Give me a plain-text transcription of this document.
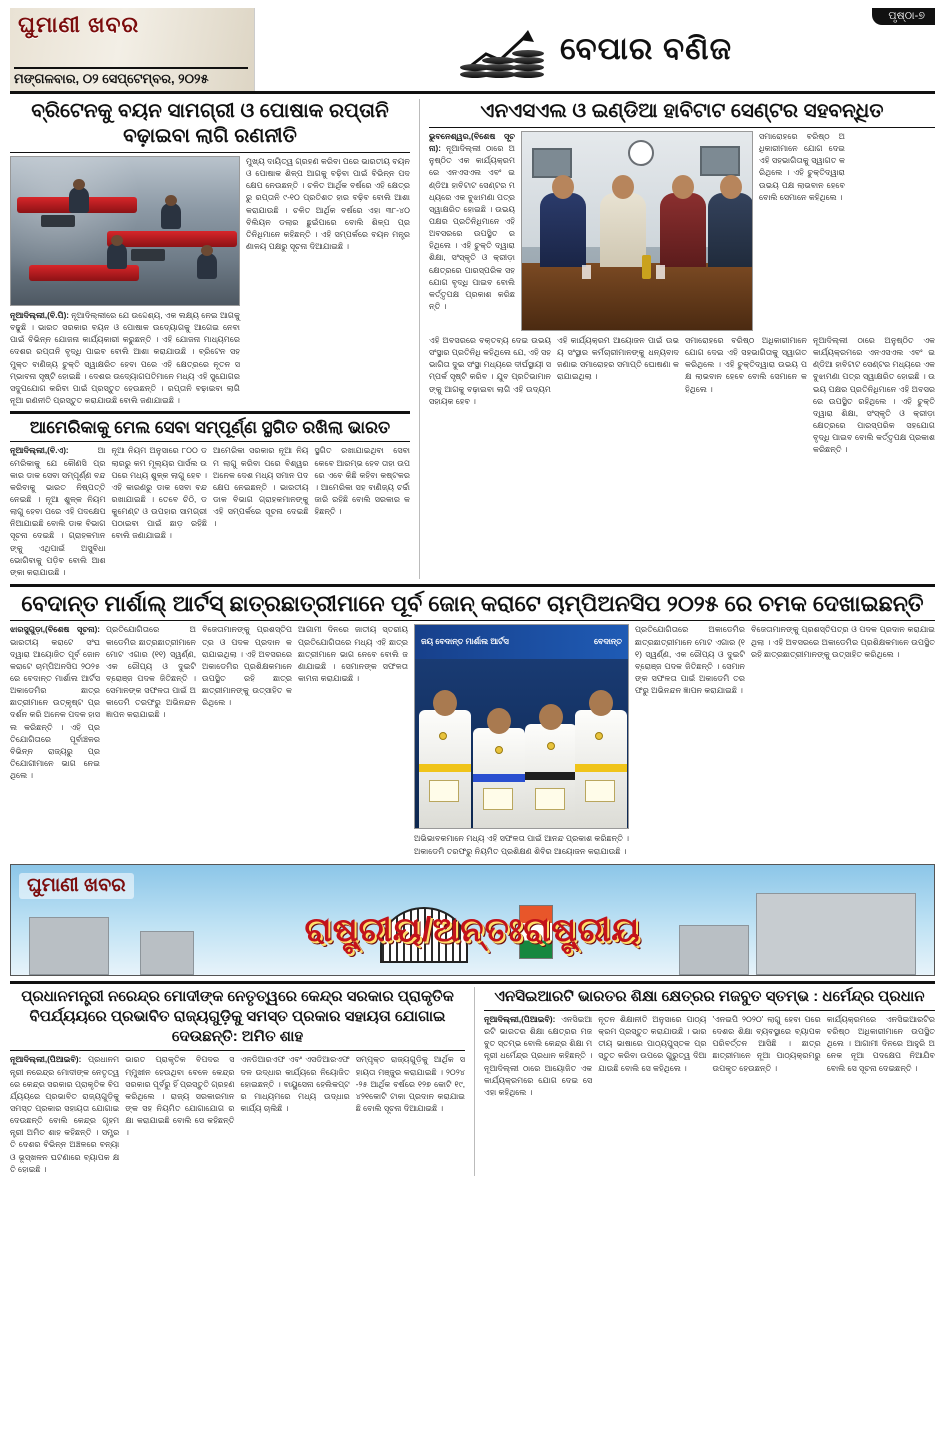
ଘୁମାଣୀ ଖବର
ମଙ୍ଗଳବାର, ୦୨ ସେପ୍ଟେମ୍ବର, ୨୦୨୫
ବେପାର ବଣିଜ
ପୃଷ୍ଠା-୭
ବ୍ରିଟେନକୁ ବୟନ ସାମଗ୍ରୀ ଓ ପୋଷାକ ରପ୍ତାନି ବଢ଼ାଇବା ଲାଗି ରଣନୀତି
ନୂଆଦିଲ୍ଲୀ,(ବି.ପି): ନୂଆଦିଲ୍ଲୀରେ ଯେ ଉଦ୍ଦେଶ୍ୟ, ଏକ ଲକ୍ଷ୍ୟ ନେଇ ଆଗକୁ ବଢୁଛି । ଭାରତ ସରକାର ବୟନ ଓ ପୋଷାକ ଉଦ୍ୟୋଗକୁ ଆଗେଇ ନେବା ପାଇଁ ବିଭିନ୍ନ ଯୋଜନା କାର୍ଯ୍ୟକାରୀ କରୁଛନ୍ତି । ଏହି ଯୋଜନା ମାଧ୍ୟମରେ ଦେଶର ରପ୍ତାନି ବୃଦ୍ଧି ପାଇବ ବୋଲି ଆଶା କରାଯାଉଛି । ବ୍ରିଟେନ ସହ ମୁକ୍ତ ବାଣିଜ୍ୟ ଚୁକ୍ତି ସ୍ୱାକ୍ଷରିତ ହେବା ପରେ ଏହି କ୍ଷେତ୍ରରେ ନୂତନ ସମ୍ଭାବନା ସୃଷ୍ଟି ହୋଇଛି । ଦେଶର ଉଦ୍ୟୋଗପତିମାନେ ମଧ୍ୟ ଏହି ସୁଯୋଗର ସଦୁପଯୋଗ କରିବା ପାଇଁ ପ୍ରସ୍ତୁତ ହେଉଛନ୍ତି । ରପ୍ତାନି ବଢ଼ାଇବା ଲାଗି ନୂଆ ରଣନୀତି ପ୍ରସ୍ତୁତ କରାଯାଉଛି ବୋଲି ଜଣାଯାଇଛି ।
ମୁଖ୍ୟ ଦାୟିତ୍ୱ ଗ୍ରହଣ କରିବା ପରେ ଭାରତୀୟ ବୟନ ଓ ପୋଷାକ ଶିଳ୍ପ ଆଗକୁ ବଢ଼ିବା ପାଇଁ ବିଭିନ୍ନ ପଦକ୍ଷେପ ନେଉଛନ୍ତି । ଚଳିତ ଆର୍ଥିକ ବର୍ଷରେ ଏହି କ୍ଷେତ୍ରରୁ ରପ୍ତାନି ୯-୧୦ ପ୍ରତିଶତ ହାର ବଢ଼ିବ ବୋଲି ଆଶା କରାଯାଉଛି । ଚଳିତ ଆର୍ଥିକ ବର୍ଷରେ ଏହା ୩୮-୪୦ ବିଲିୟନ ଡଲାର ଛୁଇଁପାରେ ବୋଲି ଶିଳ୍ପ ପ୍ରତିନିଧିମାନେ କହିଛନ୍ତି । ଏହି ସମ୍ପର୍କରେ ବୟନ ମନ୍ତ୍ରଣାଳୟ ପକ୍ଷରୁ ସୂଚନା ଦିଆଯାଇଛି ।
ଆମେରିକାକୁ ମେଲ ସେବା ସମ୍ପୂର୍ଣ୍ଣ ସ୍ଥଗିତ ରଖିଲା ଭାରତ
ନୂଆଦିଲ୍ଲୀ,(ବି.ଏ):	ଆମେରିକାକୁ ଯେ କୌଣସି ପ୍ରକାର ଡାକ ସେବା ସମ୍ପୂର୍ଣ୍ଣ ବନ୍ଦ କରିବାକୁ ଭାରତ ନିଷ୍ପତ୍ତି ନେଇଛି । ନୂଆ ଶୁଳ୍କ ନିୟମ ଲାଗୁ ହେବା ପରେ ଏହି ପଦକ୍ଷେପ ନିଆଯାଇଛି ବୋଲି ଡାକ ବିଭାଗ ସୂଚନା ଦେଇଛି । ଗ୍ରାହକମାନଙ୍କୁ ଏଥିପାଇଁ ଅସୁବିଧା ଭୋଗିବାକୁ ପଡ଼ିବ ବୋଲି ଆଶଙ୍କା କରାଯାଉଛି ।
ନୂଆ ନିୟମ ଅନୁସାରେ ୮୦୦ ଡଲାରରୁ କମ ମୂଲ୍ୟର ପାର୍ସଲ ଉପରେ ମଧ୍ୟ ଶୁଳ୍କ ଲାଗୁ ହେବ । ଏହି କାରଣରୁ ଡାକ ସେବା ବନ୍ଦ ରଖାଯାଇଛି । ତେବେ ଚିଠି, ଡକୁମେଣ୍ଟ ଓ ଉପହାର ସାମଗ୍ରୀ ପଠାଇବା ପାଇଁ ଛାଡ଼ ରହିଛି ବୋଲି ଜଣାଯାଇଛି ।
ଆମେରିକା ସରକାର ନୂଆ ନିୟମ ଲାଗୁ କରିବା ପରେ ବିଶ୍ୱର ଅନେକ ଦେଶ ମଧ୍ୟ ସମାନ ପଦକ୍ଷେପ ନେଇଛନ୍ତି । ଭାରତୀୟ ଡାକ ବିଭାଗ ଗ୍ରାହକମାନଙ୍କୁ ଏହି ସମ୍ପର୍କରେ ସୂଚନା ଦେଇଛି ।
ସ୍ଥଗିତ ରଖାଯାଇଥିବା ସେବା କେବେ ଆରମ୍ଭ ହେବ ତାହା ଉପରେ ଏବେ କିଛି କହିବା କଷ୍ଟକର । ଆମେରିକା ସହ ବାଣିଜ୍ୟ ଚର୍ଚ୍ଚା ଜାରି ରହିଛି ବୋଲି ସରକାର କହିଛନ୍ତି ।
ଏନଏସଏଲ ଓ ଇଣ୍ଡିଆ ହାବିଟାଟ ସେଣ୍ଟର ସହବନ୍ଧିତ
ଭୁବନେଶ୍ୱର,(ବିଶେଷ ସୂଚନା): ନୂଆଦିଲ୍ଲୀ ଠାରେ ଅନୁଷ୍ଠିତ ଏକ କାର୍ଯ୍ୟକ୍ରମରେ ଏନଏସଏଲ ଏବଂ ଇଣ୍ଡିଆ ହାବିଟାଟ ସେଣ୍ଟର ମଧ୍ୟରେ ଏକ ବୁଝାମଣା ପତ୍ର ସ୍ୱାକ୍ଷରିତ ହୋଇଛି । ଉଭୟ ପକ୍ଷର ପ୍ରତିନିଧିମାନେ ଏହି ଅବସରରେ ଉପସ୍ଥିତ ରହିଥିଲେ । ଏହି ଚୁକ୍ତି ଦ୍ୱାରା ଶିକ୍ଷା, ସଂସ୍କୃତି ଓ କ୍ରୀଡ଼ା କ୍ଷେତ୍ରରେ ପାରସ୍ପରିକ ସହଯୋଗ ବୃଦ୍ଧି ପାଇବ ବୋଲି କର୍ତ୍ତୃପକ୍ଷ ପ୍ରକାଶ କରିଛନ୍ତି ।
ସମାରୋହରେ ବରିଷ୍ଠ ଅଧିକାରୀମାନେ ଯୋଗ ଦେଇ ଏହି ସହଭାଗିତାକୁ ସ୍ୱାଗତ କରିଥିଲେ । ଏହି ଚୁକ୍ତିଦ୍ୱାରା ଉଭୟ ପକ୍ଷ ଲାଭବାନ ହେବେ ବୋଲି ସେମାନେ କହିଥିଲେ ।
ଏହି ଅବସରରେ ବକ୍ତବ୍ୟ ଦେଇ ଉଭୟ ସଂସ୍ଥାର ପ୍ରତିନିଧି କହିଥିଲେ ଯେ, ଏହି ସହଭାଗିତା ଦୁଇ ସଂସ୍ଥା ମଧ୍ୟରେ ଦୀର୍ଘସ୍ଥାୟୀ ସମ୍ପର୍କ ସୃଷ୍ଟି କରିବ । ଯୁବ ପ୍ରତିଭାମାନଙ୍କୁ ଆଗକୁ ବଢ଼ାଇବା ଲାଗି ଏହି ଉଦ୍ୟମ ସହାୟକ ହେବ ।
ଏହି କାର୍ଯ୍ୟକ୍ରମ ଆୟୋଜନ ପାଇଁ ଉଭୟ ସଂସ୍ଥାର କର୍ମଚାରୀମାନଙ୍କୁ ଧନ୍ୟବାଦ ଜଣାଇ ସମାରୋହର ସମାପ୍ତି ଘୋଷଣା କରାଯାଇଥିଲା ।
ସମାରୋହରେ ବରିଷ୍ଠ ଅଧିକାରୀମାନେ ଯୋଗ ଦେଇ ଏହି ସହଭାଗିତାକୁ ସ୍ୱାଗତ କରିଥିଲେ । ଏହି ଚୁକ୍ତିଦ୍ୱାରା ଉଭୟ ପକ୍ଷ ଲାଭବାନ ହେବେ ବୋଲି ସେମାନେ କହିଥିଲେ ।
ନୂଆଦିଲ୍ଲୀ ଠାରେ ଅନୁଷ୍ଠିତ ଏକ କାର୍ଯ୍ୟକ୍ରମରେ ଏନଏସଏଲ ଏବଂ ଇଣ୍ଡିଆ ହାବିଟାଟ ସେଣ୍ଟର ମଧ୍ୟରେ ଏକ ବୁଝାମଣା ପତ୍ର ସ୍ୱାକ୍ଷରିତ ହୋଇଛି । ଉଭୟ ପକ୍ଷର ପ୍ରତିନିଧିମାନେ ଏହି ଅବସରରେ ଉପସ୍ଥିତ ରହିଥିଲେ । ଏହି ଚୁକ୍ତି ଦ୍ୱାରା ଶିକ୍ଷା, ସଂସ୍କୃତି ଓ କ୍ରୀଡ଼ା କ୍ଷେତ୍ରରେ ପାରସ୍ପରିକ ସହଯୋଗ ବୃଦ୍ଧି ପାଇବ ବୋଲି କର୍ତ୍ତୃପକ୍ଷ ପ୍ରକାଶ କରିଛନ୍ତି ।
ବେଦାନ୍ତ ମାର୍ଶାଲ୍ ଆର୍ଟସ୍ ଛାତ୍ରଛାତ୍ରୀମାନେ ପୂର୍ବ ଜୋନ୍ କରାଟେ ଚାମ୍ପିଅନସିପ ୨୦୨୫ ରେ ଚମକ ଦେଖାଇଛନ୍ତି
ଝାରସୁଗୁଡ଼ା,(ବିଶେଷ ସୂଚନା): ଭାରତୀୟ କରାଟେ ସଂଘ ଦ୍ୱାରା ଆୟୋଜିତ ପୂର୍ବ ଜୋନ କରାଟେ ଚାମ୍ପିଅନସିପ ୨୦୨୫ରେ ବେଦାନ୍ତ ମାର୍ଶାଲ ଆର୍ଟସ ଅକାଡେମିର ଛାତ୍ରଛାତ୍ରୀମାନେ ଉତ୍କୃଷ୍ଟ ପ୍ରଦର୍ଶନ କରି ଅନେକ ପଦକ ହାସଲ କରିଛନ୍ତି । ଏହି ପ୍ରତିଯୋଗିତାରେ ପୂର୍ବାଞ୍ଚଳର ବିଭିନ୍ନ ରାଜ୍ୟରୁ ପ୍ରତିଯୋଗୀମାନେ ଭାଗ ନେଇଥିଲେ ।
ପ୍ରତିଯୋଗିତାରେ ଅକାଡେମିର ଛାତ୍ରଛାତ୍ରୀମାନେ ମୋଟ ଏଗାର (୧୧) ସ୍ୱର୍ଣ୍ଣ, ଏକ ରୌପ୍ୟ ଓ ଦୁଇଟି ବ୍ରୋଞ୍ଜ ପଦକ ଜିତିଛନ୍ତି । ସେମାନଙ୍କ ସଫଳତା ପାଇଁ ଅକାଡେମି ତରଫରୁ ଅଭିନନ୍ଦନ ଜ୍ଞାପନ କରାଯାଇଛି ।
ବିଜେତାମାନଙ୍କୁ ପ୍ରଶସ୍ତିପତ୍ର ଓ ପଦକ ପ୍ରଦାନ କରାଯାଇଥିଲା । ଏହି ଅବସରରେ ଅକାଡେମିର ପ୍ରଶିକ୍ଷକମାନେ ଉପସ୍ଥିତ ରହି ଛାତ୍ରଛାତ୍ରୀମାନଙ୍କୁ ଉତ୍ସାହିତ କରିଥିଲେ ।
ଆଗାମୀ ଦିନରେ ଜାତୀୟ ସ୍ତରୀୟ ପ୍ରତିଯୋଗିତାରେ ମଧ୍ୟ ଏହି ଛାତ୍ରଛାତ୍ରୀମାନେ ଭାଗ ନେବେ ବୋଲି ଜଣାଯାଇଛି । ସେମାନଙ୍କ ସଫଳତା କାମନା କରାଯାଇଛି ।
ଜୟ ବେଦାନ୍ତ ମାର୍ଶାଲ ଆର୍ଟସ	ବେଦାନ୍ତ
ଅଭିଭାବକମାନେ ମଧ୍ୟ ଏହି ସଫଳତା ପାଇଁ ଆନନ୍ଦ ପ୍ରକାଶ କରିଛନ୍ତି । ଅକାଡେମି ତରଫରୁ ନିୟମିତ ପ୍ରଶିକ୍ଷଣ ଶିବିର ଆୟୋଜନ କରାଯାଉଛି ।
ପ୍ରତିଯୋଗିତାରେ ଅକାଡେମିର ଛାତ୍ରଛାତ୍ରୀମାନେ ମୋଟ ଏଗାର (୧୧) ସ୍ୱର୍ଣ୍ଣ, ଏକ ରୌପ୍ୟ ଓ ଦୁଇଟି ବ୍ରୋଞ୍ଜ ପଦକ ଜିତିଛନ୍ତି । ସେମାନଙ୍କ ସଫଳତା ପାଇଁ ଅକାଡେମି ତରଫରୁ ଅଭିନନ୍ଦନ ଜ୍ଞାପନ କରାଯାଇଛି ।
ବିଜେତାମାନଙ୍କୁ ପ୍ରଶସ୍ତିପତ୍ର ଓ ପଦକ ପ୍ରଦାନ କରାଯାଇଥିଲା । ଏହି ଅବସରରେ ଅକାଡେମିର ପ୍ରଶିକ୍ଷକମାନେ ଉପସ୍ଥିତ ରହି ଛାତ୍ରଛାତ୍ରୀମାନଙ୍କୁ ଉତ୍ସାହିତ କରିଥିଲେ ।
ଘୁମାଣୀ ଖବର
ରାଷ୍ଟ୍ରୀୟ/ଅନ୍ତଃରାଷ୍ଟ୍ରୀୟ
ପ୍ରଧାନମନ୍ତ୍ରୀ ନରେନ୍ଦ୍ର ମୋଦୀଙ୍କ ନେତୃତ୍ୱରେ କେନ୍ଦ୍ର ସରକାର ପ୍ରାକୃତିକ ବିପର୍ଯ୍ୟୟରେ ପ୍ରଭାବିତ ରାଜ୍ୟଗୁଡ଼ିକୁ ସମସ୍ତ ପ୍ରକାର ସହାୟତା ଯୋଗାଇ ଦେଉଛନ୍ତି: ଅମିତ ଶାହ
ନୂଆଦିଲ୍ଲୀ,(ପିଆଇବି): ପ୍ରଧାନମନ୍ତ୍ରୀ ନରେନ୍ଦ୍ର ମୋଦୀଙ୍କ ନେତୃତ୍ୱରେ କେନ୍ଦ୍ର ସରକାର ପ୍ରାକୃତିକ ବିପର୍ଯ୍ୟୟରେ ପ୍ରଭାବିତ ରାଜ୍ୟଗୁଡ଼ିକୁ ସମସ୍ତ ପ୍ରକାର ସହାୟତା ଯୋଗାଇ ଦେଉଛନ୍ତି ବୋଲି କେନ୍ଦ୍ର ଗୃହମନ୍ତ୍ରୀ ଅମିତ ଶାହ କହିଛନ୍ତି । ସମ୍ପ୍ରତି ଦେଶର ବିଭିନ୍ନ ଅଞ୍ଚଳରେ ବନ୍ୟା ଓ ଭୂସ୍ଖଳନ ଘଟଣାରେ ବ୍ୟାପକ କ୍ଷତି ହୋଇଛି ।
ଭାରତ ପ୍ରାକୃତିକ ବିପଦର ସମ୍ମୁଖୀନ ହେଉଥିବା ବେଳେ କେନ୍ଦ୍ର ସରକାର ପୂର୍ବରୁ ହିଁ ପ୍ରସ୍ତୁତି ଗ୍ରହଣ କରିଥିଲେ । ରାଜ୍ୟ ସରକାରମାନଙ୍କ ସହ ନିୟମିତ ଯୋଗାଯୋଗ ରକ୍ଷା କରାଯାଇଛି ବୋଲି ସେ କହିଛନ୍ତି ।
ଏନଡିଆରଏଫ ଏବଂ ଏସଡିଆରଏଫ ଦଳ ଉଦ୍ଧାର କାର୍ଯ୍ୟରେ ନିୟୋଜିତ ହୋଇଛନ୍ତି । ବାୟୁସେନା ହେଲିକପ୍ଟର ମାଧ୍ୟମରେ ମଧ୍ୟ ଉଦ୍ଧାର କାର୍ଯ୍ୟ ଚାଲିଛି ।
ସମ୍ପୃକ୍ତ ରାଜ୍ୟଗୁଡ଼ିକୁ ଆର୍ଥିକ ସହାୟତା ମଞ୍ଜୁର କରାଯାଇଛି । ୨୦୨୪-୨୫ ଆର୍ଥିକ ବର୍ଷରେ ୧୨୭ କୋଟି ୧୯,୪୨୧କୋଟି ଟାକା ପ୍ରଦାନ କରାଯାଇଛି ବୋଲି ସୂଚନା ଦିଆଯାଇଛି ।
ଏନସିଇଆରଟି ଭାରତର ଶିକ୍ଷା କ୍ଷେତ୍ରର ମଜବୁତ ସ୍ତମ୍ଭ : ଧର୍ମେନ୍ଦ୍ର ପ୍ରଧାନ
ନୂଆଦିଲ୍ଲୀ,(ପିଆଇବି): ଏନସିଇଆରଟି ଭାରତର ଶିକ୍ଷା କ୍ଷେତ୍ରର ମଜବୁତ ସ୍ତମ୍ଭ ବୋଲି କେନ୍ଦ୍ର ଶିକ୍ଷା ମନ୍ତ୍ରୀ ଧର୍ମେନ୍ଦ୍ର ପ୍ରଧାନ କହିଛନ୍ତି । ନୂଆଦିଲ୍ଲୀ ଠାରେ ଆୟୋଜିତ ଏକ କାର୍ଯ୍ୟକ୍ରମରେ ଯୋଗ ଦେଇ ସେ ଏହା କହିଥିଲେ ।
ନୂତନ ଶିକ୍ଷାନୀତି ଅନୁସାରେ ପାଠ୍ୟକ୍ରମ ପ୍ରସ୍ତୁତ କରାଯାଉଛି । ଭାରତୀୟ ଭାଷାରେ ପାଠ୍ୟପୁସ୍ତକ ପ୍ରସ୍ତୁତ କରିବା ଉପରେ ଗୁରୁତ୍ୱ ଦିଆଯାଉଛି ବୋଲି ସେ କହିଥିଲେ ।
'ଏନଇପି ୨୦୨୦' ଲାଗୁ ହେବା ପରେ ଦେଶର ଶିକ୍ଷା ବ୍ୟବସ୍ଥାରେ ବ୍ୟାପକ ପରିବର୍ତ୍ତନ ଆସିଛି । ଛାତ୍ରଛାତ୍ରୀମାନେ ନୂଆ ପାଠ୍ୟକ୍ରମରୁ ଉପକୃତ ହେଉଛନ୍ତି ।
କାର୍ଯ୍ୟକ୍ରମରେ ଏନସିଇଆରଟିର ବରିଷ୍ଠ ଅଧିକାରୀମାନେ ଉପସ୍ଥିତ ଥିଲେ । ଆଗାମୀ ଦିନରେ ଆହୁରି ଅନେକ ନୂଆ ପଦକ୍ଷେପ ନିଆଯିବ ବୋଲି ସେ ସୂଚନା ଦେଇଛନ୍ତି ।
